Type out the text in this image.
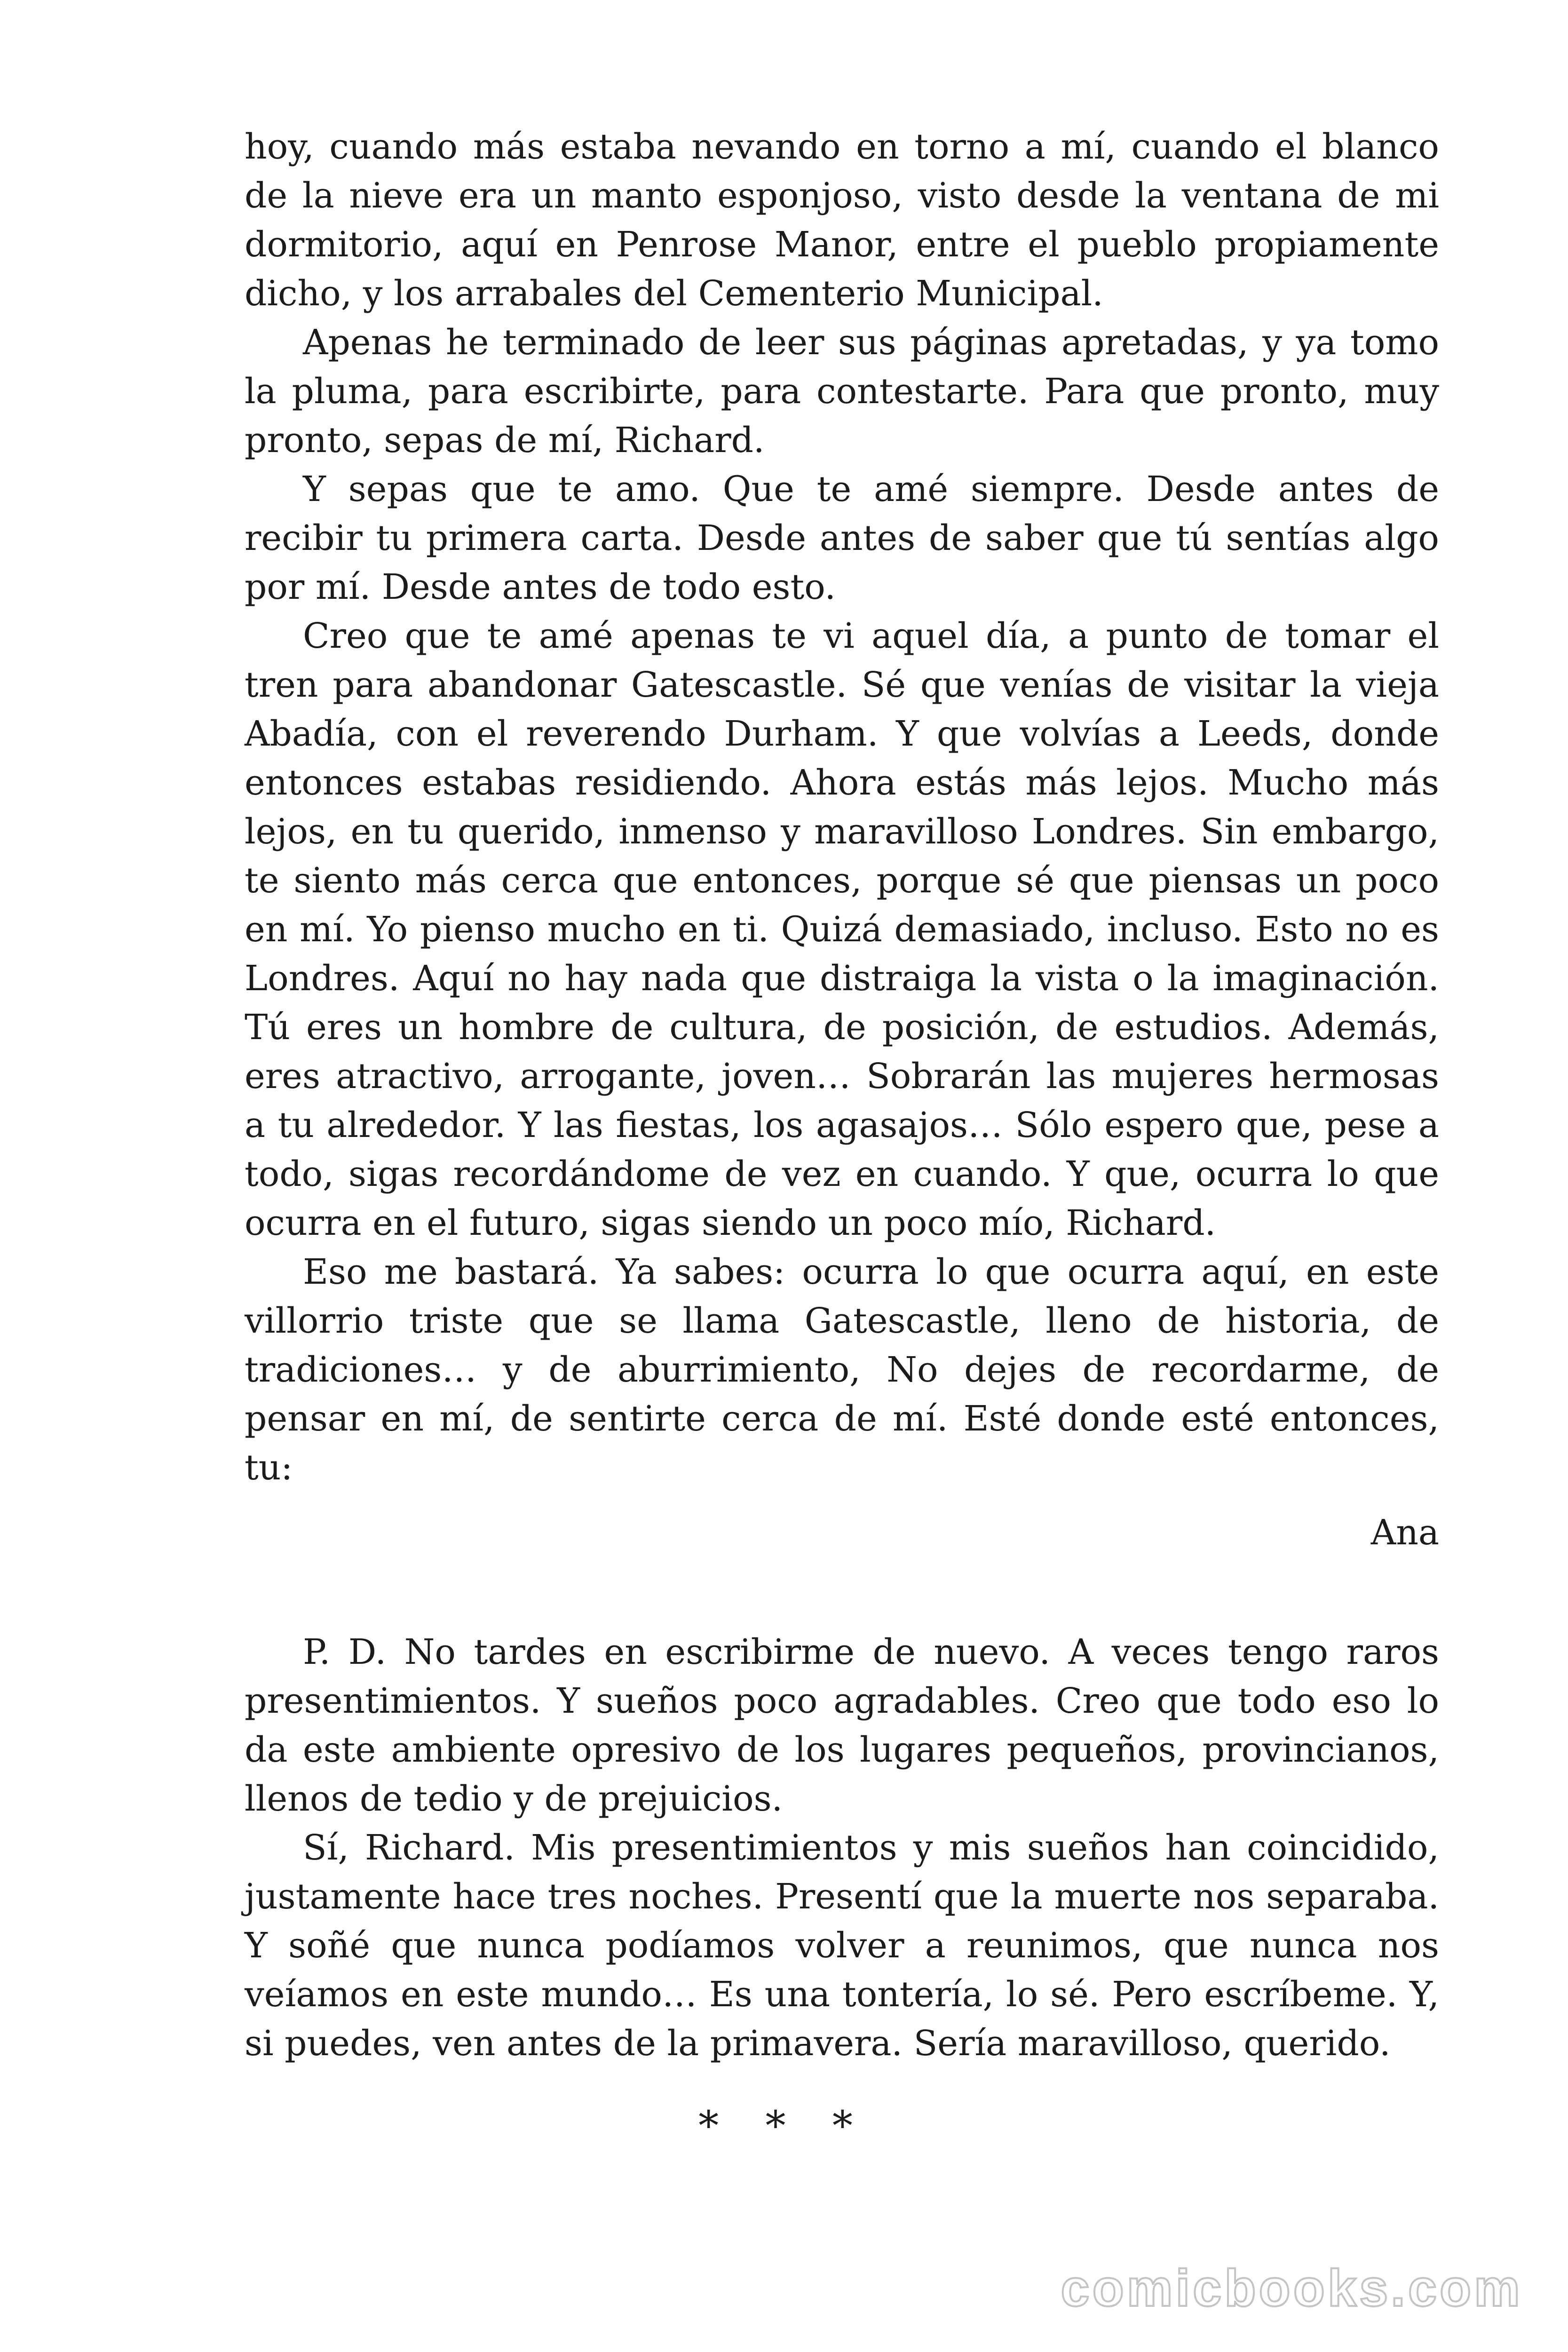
hoy, cuando más estaba nevando en torno a mí, cuando el blanco de la nieve era un manto esponjoso, visto desde la ventana de mi dormitorio, aquí en Penrose Manor, entre el pueblo propiamente dicho, y los arrabales del Cementerio Municipal.

Apenas he terminado de leer sus páginas apretadas, y ya tomo la pluma, para escribirte, para contestarte. Para que pronto, muy pronto, sepas de mí, Richard.

Y sepas que te amo. Que te amé siempre. Desde antes de recibir tu primera carta. Desde antes de saber que tú sentías algo por mí. Desde antes de todo esto.

Creo que te amé apenas te vi aquel día, a punto de tomar el tren para abandonar Gatescastle. Sé que venías de visitar la vieja Abadía, con el reverendo Durham. Y que volvías a Leeds, donde entonces estabas residiendo. Ahora estás más lejos. Mucho más lejos, en tu querido, inmenso y maravilloso Londres. Sin embargo, te siento más cerca que entonces, porque sé que piensas un poco en mí. Yo pienso mucho en ti. Quizá demasiado, incluso. Esto no es Londres. Aquí no hay nada que distraiga la vista o la imaginación. Tú eres un hombre de cultura, de posición, de estudios. Además, eres atractivo, arrogante, joven… Sobrarán las mujeres hermosas a tu alrededor. Y las fiestas, los agasajos… Sólo espero que, pese a todo, sigas recordándome de vez en cuando. Y que, ocurra lo que ocurra en el futuro, sigas siendo un poco mío, Richard.

Eso me bastará. Ya sabes: ocurra lo que ocurra aquí, en este villorrio triste que se llama Gatescastle, lleno de historia, de tradiciones… y de aburrimiento, No dejes de recordarme, de pensar en mí, de sentirte cerca de mí. Esté donde esté entonces, tu:

Ana

P. D. No tardes en escribirme de nuevo. A veces tengo raros presentimientos. Y sueños poco agradables. Creo que todo eso lo da este ambiente opresivo de los lugares pequeños, provincianos, llenos de tedio y de prejuicios.

Sí, Richard. Mis presentimientos y mis sueños han coincidido, justamente hace tres noches. Presentí que la muerte nos separaba. Y soñé que nunca podíamos volver a reunimos, que nunca nos veíamos en este mundo… Es una tontería, lo sé. Pero escríbeme. Y, si puedes, ven antes de la primavera. Sería maravilloso, querido.

* * *
comicbooks.com
